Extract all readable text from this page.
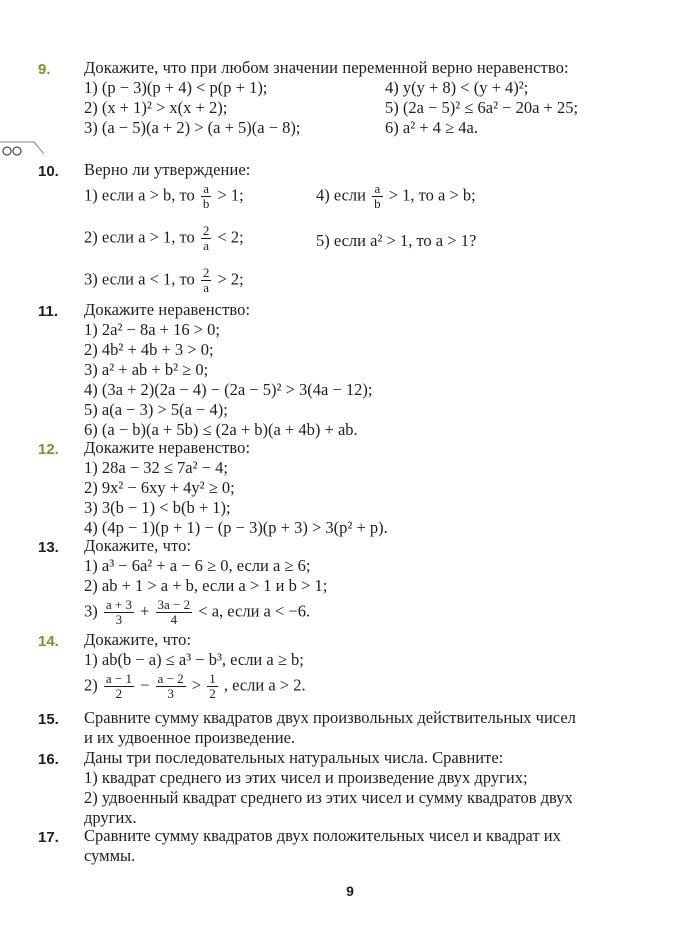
9. Докажите, что при любом значении переменной верно неравенство:
1) (p − 3)(p + 4) < p(p + 1);	4) y(y + 8) < (y + 4)²;
2) (x + 1)² > x(x + 2);	5) (2a − 5)² ≤ 6a² − 20a + 25;
3) (a − 5)(a + 2) > (a + 5)(a − 8);	6) a² + 4 ≥ 4a.
10. Верно ли утверждение:
1) если a > b, то $\frac{a}{b} > 1$;	4) если $\frac{a}{b} > 1$, то a > b;
2) если a > 1, то $\frac{2}{a} < 2$;	5) если a² > 1, то a > 1?
3) если a < 1, то $\frac{2}{a} > 2$;
11. Докажите неравенство:
1) 2a² − 8a + 16 > 0;
2) 4b² + 4b + 3 > 0;
3) a² + ab + b² ≥ 0;
4) (3a + 2)(2a − 4) − (2a − 5)² > 3(4a − 12);
5) a(a − 3) > 5(a − 4);
6) (a − b)(a + 5b) ≤ (2a + b)(a + 4b) + ab.
12. Докажите неравенство:
1) 28a − 32 ≤ 7a² − 4;
2) 9x² − 6xy + 4y² ≥ 0;
3) 3(b − 1) < b(b + 1);
4) (4p − 1)(p + 1) − (p − 3)(p + 3) > 3(p² + p).
13. Докажите, что:
1) a³ − 6a² + a − 6 ≥ 0, если a ≥ 6;
2) ab + 1 > a + b, если a > 1 и b > 1;
$3) \frac{a + 3}{3} + \frac{3a - 2}{4} < a$, если a < −6.
14. Докажите, что:
1) ab(b − a) ≤ a³ − b³, если a ≥ b;
$2) \frac{a - 1}{2} - \frac{a - 2}{3} > \frac{1}{2}$ , если a > 2.
15. Сравните сумму квадратов двух произвольных действительных чисел
и их удвоенное произведение.
16. Даны три последовательных натуральных числа. Сравните:
1) квадрат среднего из этих чисел и произведение двух других;
2) удвоенный квадрат среднего из этих чисел и сумму квадратов двух
других.
17. Сравните сумму квадратов двух положительных чисел и квадрат их
суммы.
9
